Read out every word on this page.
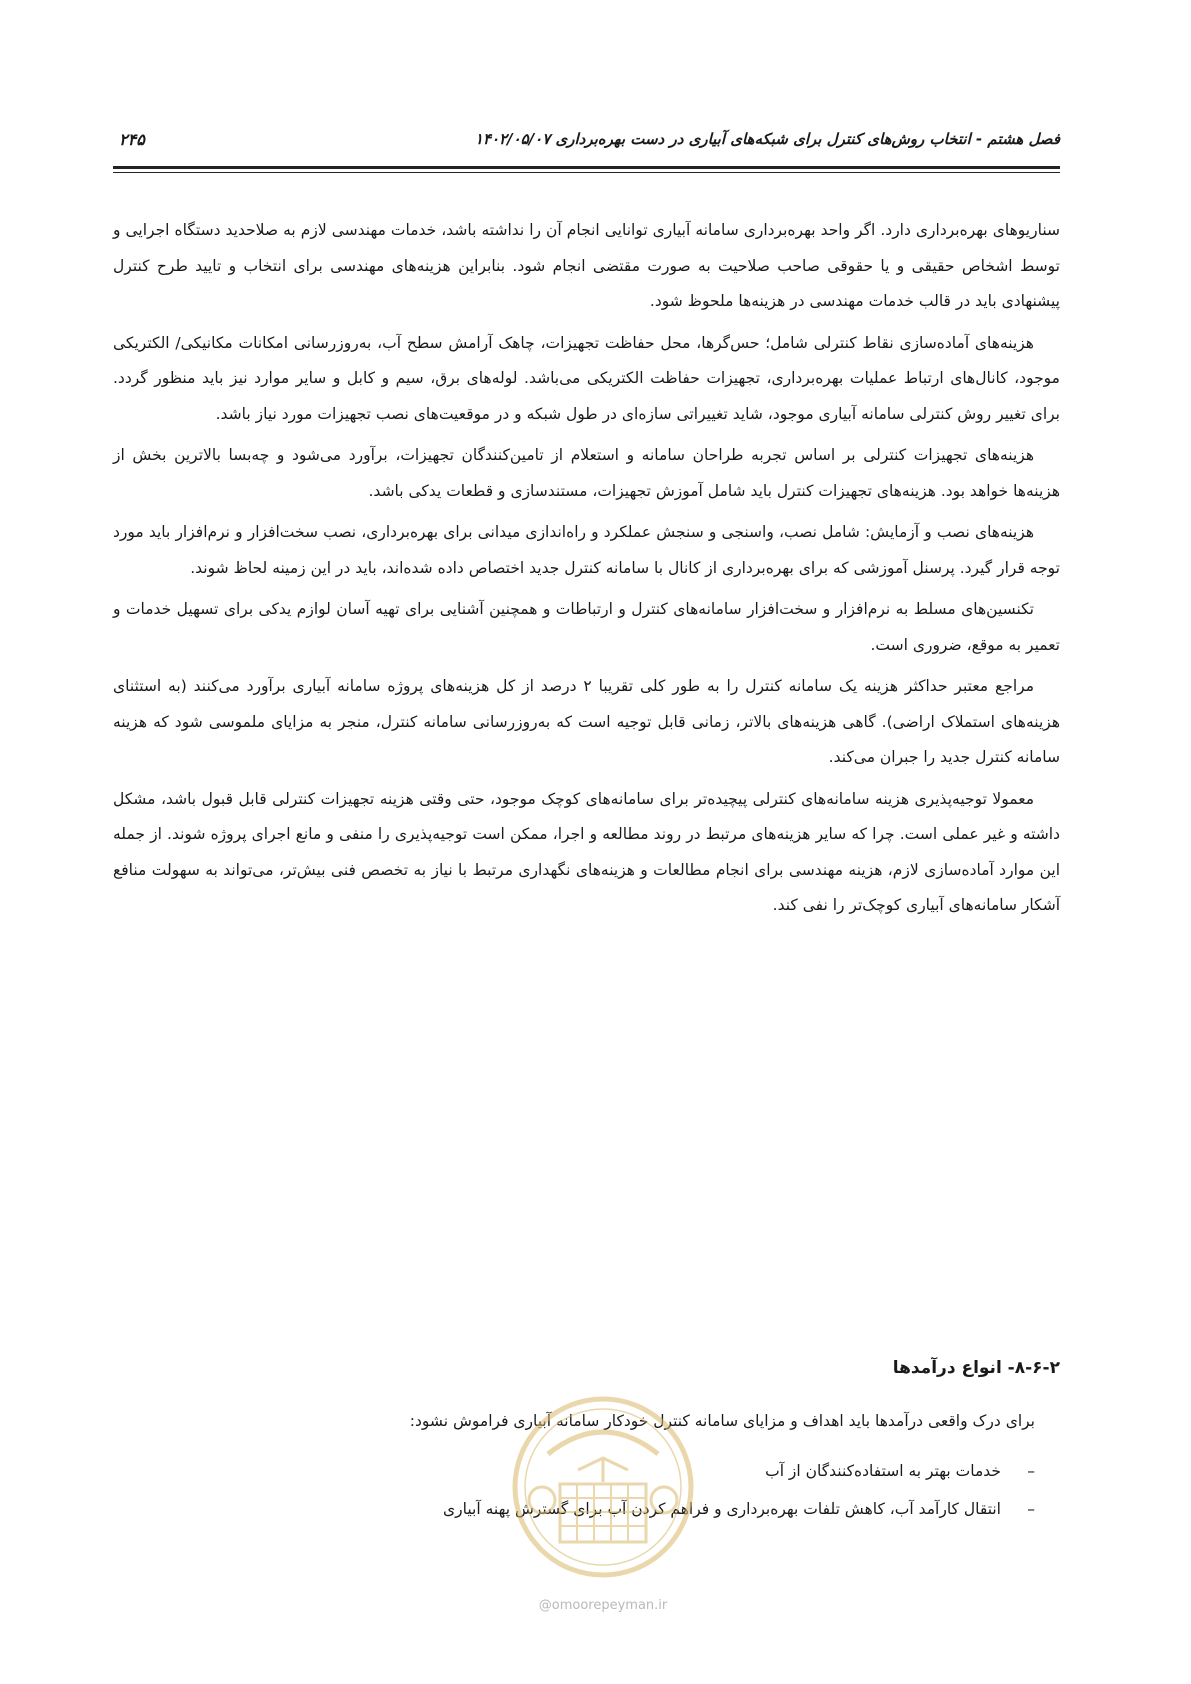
فصل هشتم - انتخاب روش‌های کنترل برای شبکه‌های آبیاری در دست بهره‌برداری ۱۴۰۲/۰۵/۰۷
۲۴۵

سناریوهای بهره‌برداری دارد. اگر واحد بهره‌برداری سامانه آبیاری توانایی انجام آن را نداشته باشد، خدمات مهندسی لازم به صلاحدید دستگاه اجرایی و توسط اشخاص حقیقی و یا حقوقی صاحب صلاحیت به صورت مقتضی انجام شود. بنابراین هزینه‌های مهندسی برای انتخاب و تایید طرح کنترل پیشنهادی باید در قالب خدمات مهندسی در هزینه‌ها ملحوظ شود.

هزینه‌های آماده‌سازی نقاط کنترلی شامل؛ حس‌گرها، محل حفاظت تجهیزات، چاهک آرامش سطح آب، به‌روزرسانی امکانات مکانیکی/ الکتریکی موجود، کانال‌های ارتباط عملیات بهره‌برداری، تجهیزات حفاظت الکتریکی می‌باشد. لوله‌های برق، سیم و کابل و سایر موارد نیز باید منظور گردد. برای تغییر روش کنترلی سامانه آبیاری موجود، شاید تغییراتی سازه‌ای در طول شبکه و در موقعیت‌های نصب تجهیزات مورد نیاز باشد.

هزینه‌های تجهیزات کنترلی بر اساس تجربه طراحان سامانه و استعلام از تامین‌کنندگان تجهیزات، برآورد می‌شود و چه‌بسا بالاترین بخش از هزینه‌ها خواهد بود. هزینه‌های تجهیزات کنترل باید شامل آموزش تجهیزات، مستندسازی و قطعات یدکی باشد.

هزینه‌های نصب و آزمایش: شامل نصب، واسنجی و سنجش عملکرد و راه‌اندازی میدانی برای بهره‌برداری، نصب سخت‌افزار و نرم‌افزار باید مورد توجه قرار گیرد. پرسنل آموزشی که برای بهره‌برداری از کانال با سامانه کنترل جدید اختصاص داده شده‌اند، باید در این زمینه لحاظ شوند.

تکنسین‌های مسلط به نرم‌افزار و سخت‌افزار سامانه‌های کنترل و ارتباطات و همچنین آشنایی برای تهیه آسان لوازم یدکی برای تسهیل خدمات و تعمیر به موقع، ضروری است.

مراجع معتبر حداکثر هزینه یک سامانه کنترل را به طور کلی تقریبا ۲ درصد از کل هزینه‌های پروژه سامانه آبیاری برآورد می‌کنند (به استثنای هزینه‌های استملاک اراضی). گاهی هزینه‌های بالاتر، زمانی قابل توجیه است که به‌روزرسانی سامانه کنترل، منجر به مزایای ملموسی شود که هزینه سامانه کنترل جدید را جبران می‌کند.

معمولا توجیه‌پذیری هزینه سامانه‌های کنترلی پیچیده‌تر برای سامانه‌های کوچک موجود، حتی وقتی هزینه تجهیزات کنترلی قابل قبول باشد، مشکل داشته و غیر عملی است. چرا که سایر هزینه‌های مرتبط در روند مطالعه و اجرا، ممکن است توجیه‌پذیری را منفی و مانع اجرای پروژه شوند. از جمله این موارد آماده‌سازی لازم، هزینه مهندسی برای انجام مطالعات و هزینه‌های نگهداری مرتبط با نیاز به تخصص فنی بیش‌تر، می‌تواند به سهولت منافع آشکار سامانه‌های آبیاری کوچک‌تر را نفی کند.

۸-۶-۲- انواع درآمدها
برای درک واقعی درآمدها باید اهداف و مزایای سامانه کنترل خودکار سامانه آبیاری فراموش نشود:
–خدمات بهتر به استفاده‌کنندگان از آب
–انتقال کارآمد آب، کاهش تلفات بهره‌برداری و فراهم کردن آب برای گسترش پهنه آبیاری
@omoorepeyman.ir
